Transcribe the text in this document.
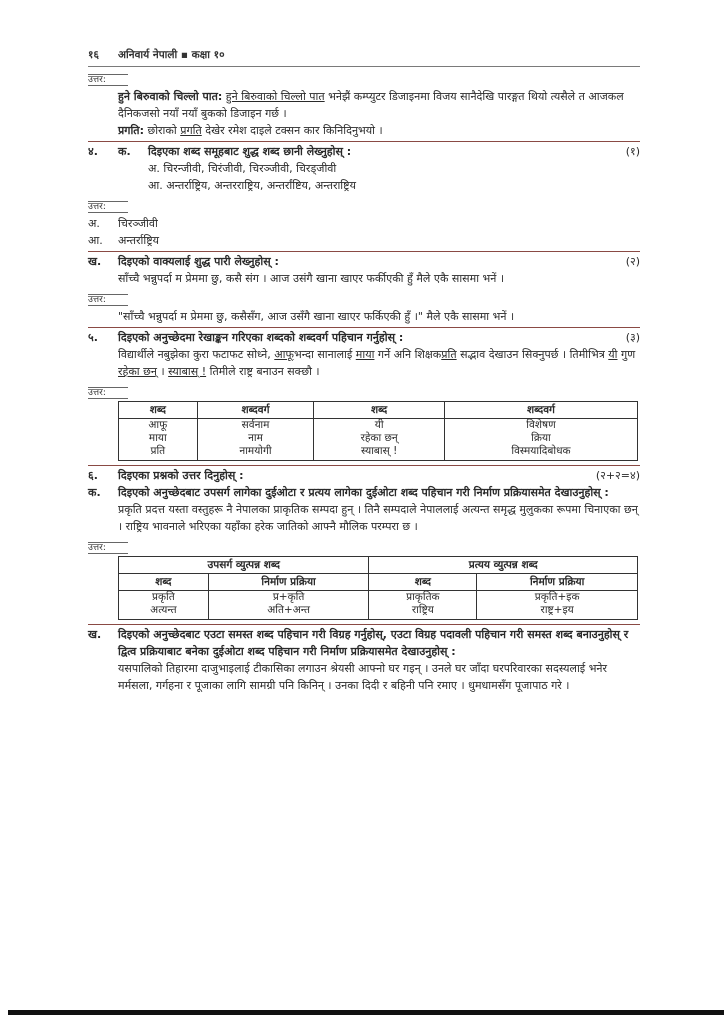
१६	अनिवार्य नेपाली ▪ कक्षा १०
उत्तर:
हुने बिरुवाको चिल्लो पात: हुने बिरुवाको चिल्लो पात भनेझैं कम्प्युटर डिजाइनमा विजय सानैदेखि पारङ्गत थियो त्यसैले त आजकल दैनिकजसो नयाँ नयाँ बुकको डिजाइन गर्छ ।
प्रगति: छोराको प्रगति देखेर रमेश दाइले टक्सन कार किनिदिनुभयो ।
४.	क.	दिइएका शब्द समूहबाट शुद्ध शब्द छानी लेख्नुहोस् :	(१)
अ. चिरन्जीवी, चिरंजीवी, चिरञ्जीवी, चिरड्जीवी
आ. अन्तर्राष्ट्रिय, अन्तरराष्ट्रिय, अन्तर्रांष्टिय, अन्तराष्ट्रिय
उत्तर:
अ.	चिरञ्जीवी
आ.	अन्तर्राष्ट्रिय
ख.	दिइएको वाक्यलाई शुद्ध पारी लेख्नुहोस् :	(२)
साँच्चै भन्नुपर्दा म प्रेममा छु, कसै संग । आज उसंगै खाना खाएर फर्कीएकी हुँ मैले एकै सासमा भनें ।
उत्तर:
"साँच्चै भन्नुपर्दा म प्रेममा छु, कसैसँग, आज उसँगै खाना खाएर फर्किएकी हुँ ।" मैले एकै सासमा भनें ।
५.	दिइएको अनुच्छेदमा रेखाङ्कन गरिएका शब्दको शब्दवर्ग पहिचान गर्नुहोस् :	(३)
विद्यार्थीले नबुझेका कुरा फटाफट सोध्ने, आफूभन्दा सानालाई माया गर्ने अनि शिक्षकप्रति सद्भाव देखाउन सिक्नुपर्छ । तिमीभित्र यी गुण रहेका छन् । स्याबास् ! तिमीले राष्ट्र बनाउन सक्छौ ।
उत्तर:
शब्द	शब्दवर्ग	शब्द	शब्दवर्ग
आफू	सर्वनाम	यी	विशेषण
माया	नाम	रहेका छन्	क्रिया
प्रति	नामयोगी	स्याबास् !	विस्मयादिबोधक
६.	दिइएका प्रश्नको उत्तर दिनुहोस् :	(२+२=४)
क.	दिइएको अनुच्छेदबाट उपसर्ग लागेका दुईओटा र प्रत्यय लागेका दुईओटा शब्द पहिचान गरी निर्माण प्रक्रियासमेत देखाउनुहोस् :
प्रकृति प्रदत्त यस्ता वस्तुहरू नै नेपालका प्राकृतिक सम्पदा हुन् । तिनै सम्पदाले नेपाललाई अत्यन्त समृद्ध मुलुकका रूपमा चिनाएका छन् । राष्ट्रिय भावनाले भरिएका यहाँका हरेक जातिको आफ्नै मौलिक परम्परा छ ।
उत्तर:
उपसर्ग व्युत्पन्न शब्द		प्रत्यय व्युत्पन्न शब्द	
शब्द	निर्माण प्रक्रिया	शब्द	निर्माण प्रक्रिया
प्रकृति	प्र+कृति	प्राकृतिक	प्रकृति+इक
अत्यन्त	अति+अन्त	राष्ट्रिय	राष्ट्र+इय
ख.	दिइएको अनुच्छेदबाट एउटा समस्त शब्द पहिचान गरी विग्रह गर्नुहोस्, एउटा विग्रह पदावली पहिचान गरी समस्त शब्द बनाउनुहोस् र द्वित्व प्रक्रियाबाट बनेका दुईओटा शब्द पहिचान गरी निर्माण प्रक्रियासमेत देखाउनुहोस् :
यसपालिको तिहारमा दाजुभाइलाई टीकासिका लगाउन श्रेयसी आफ्नो घर गइन् । उनले घर जाँदा घरपरिवारका सदस्यलाई भनेर मर्मसला, गर्गहना र पूजाका लागि सामग्री पनि किनिन् । उनका दिदी र बहिनी पनि रमाए । धुमधामसँग पूजापाठ गरे ।
